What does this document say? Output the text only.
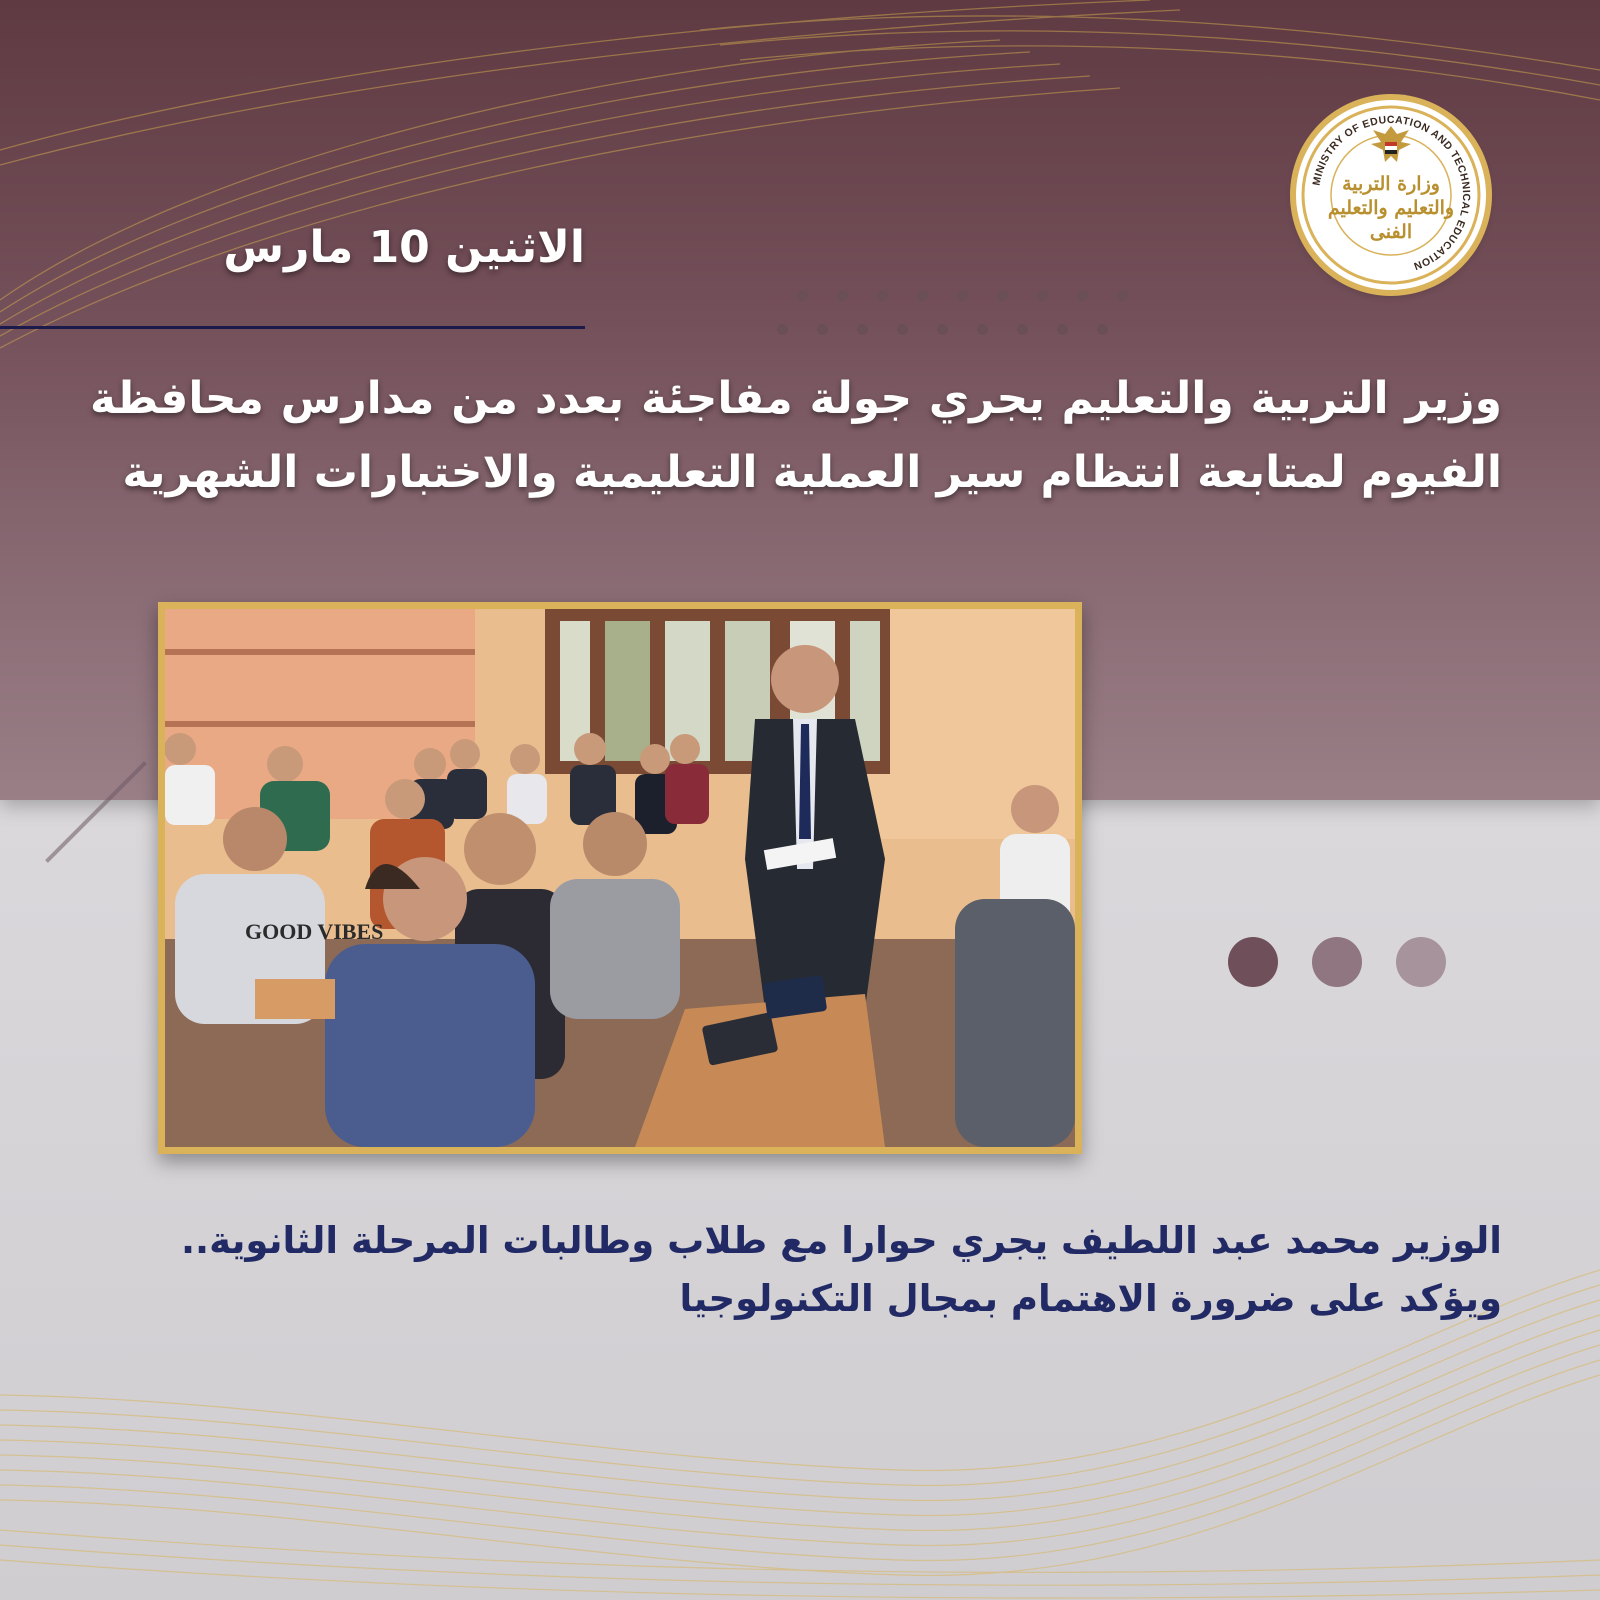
MINISTRY OF EDUCATION AND TECHNICAL EDUCATION
وزارة التربية والتعليم والتعليم الفنى
الاثنين 10 مارس
وزير التربية والتعليم يجري جولة مفاجئة بعدد من مدارس محافظة الفيوم لمتابعة انتظام سير العملية التعليمية والاختبارات الشهرية
GOOD VIBES
الوزير محمد عبد اللطيف يجري حوارا مع طلاب وطالبات المرحلة الثانوية.. ويؤكد على ضرورة الاهتمام بمجال التكنولوجيا
